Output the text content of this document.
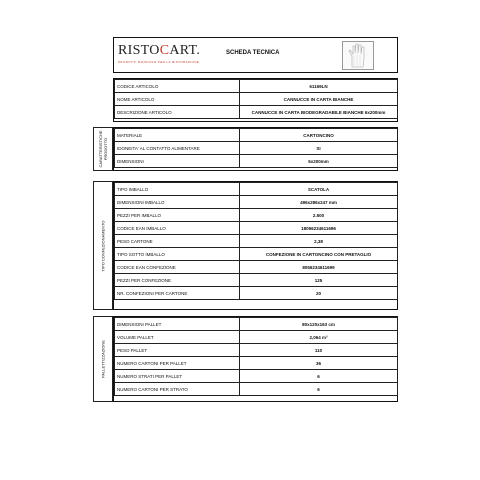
RISTOCART.
PRODOTTI MONOUSO PER LA RISTORAZIONE
SCHEDA TECNICA
CODICE ARTICOLO	61169LN
NOME ARTICOLO	CANNUCCE IN CARTA BIANCHE
DESCRIZIONE ARTICOLO	CANNUCCE IN CARTA BIODEGRADABILE BIANCHE 6x200mm
CARATTERISTICHE PRODOTTO
MATERIALE	CARTONCINO
IDONEITA' AL CONTATTO ALIMENTARE	SI
DIMENSIONI	6x200mm
TIPO CONFEZIONAMENTO
TIPO IMBALLO	SCATOLA
DIMENSIONI IMBALLO	496x286x247 mm
PEZZI PER IMBALLO	2.500
CODICE EAN IMBALLO	18056234611696
PESO CARTONE	2,38
TIPO SOTTO IMBALLO	CONFEZIONE IN CARTONCINO CON PRETAGLIO
CODICE EAN CONFEZIONE	8056234611699
PEZZI PER CONFEZIONE	125
NR. CONFEZIONI PER CARTONE	20
PALLETTIZZAZIONE
DIMENSIONI PALLET	80x120x163 cm
VOLUME PALLET	2,064 m³
PESO PALLET	110
NUMERO CARTONI PER PALLET	36
NUMERO STRATI PER PALLET	6
NUMERO CARTONI PER STRATO	6
